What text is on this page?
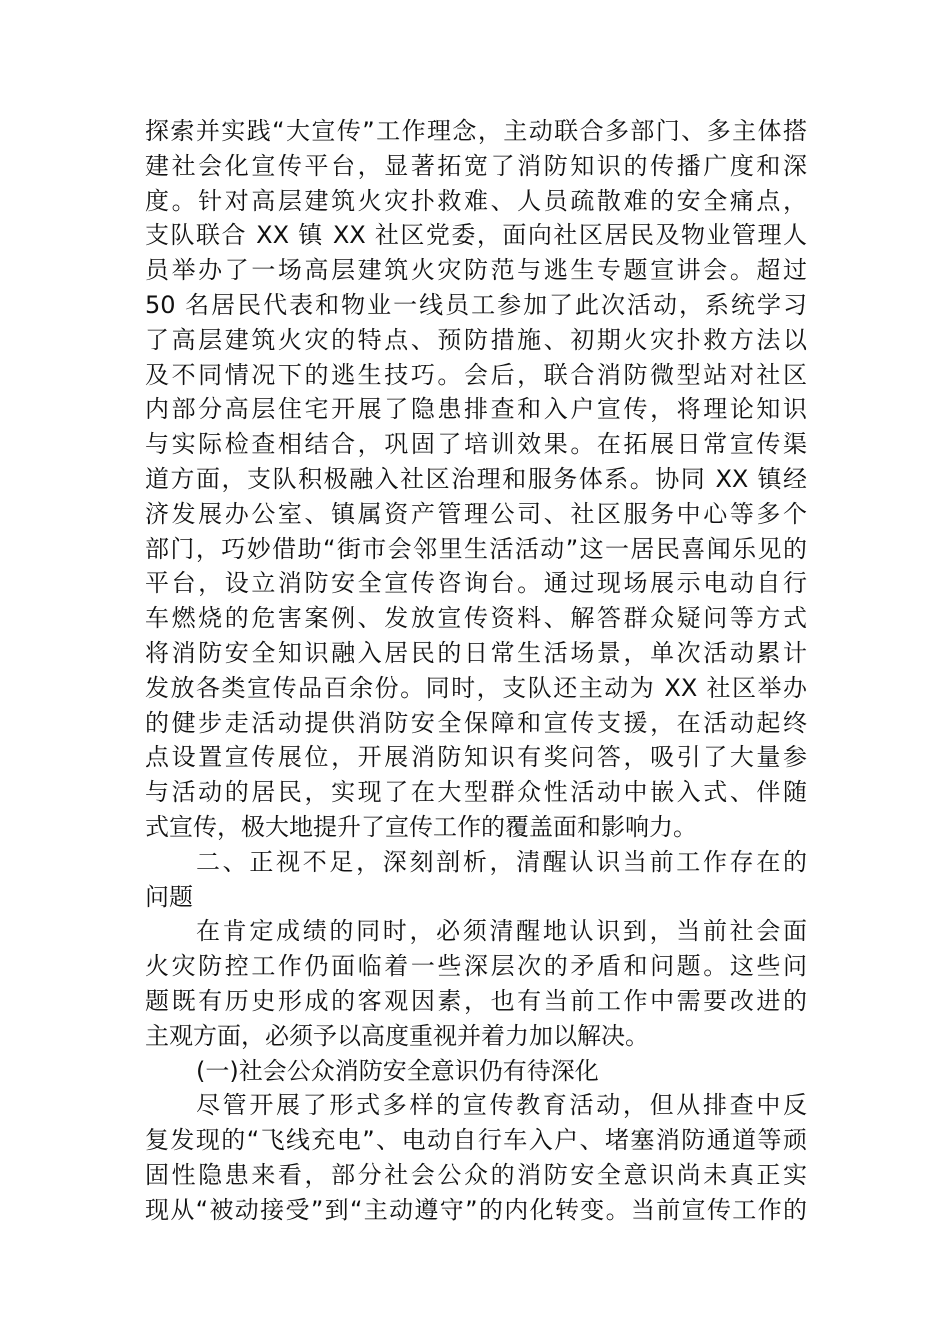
探索并实践“大宣传”工作理念，主动联合多部门、多主体搭
建社会化宣传平台，显著拓宽了消防知识的传播广度和深
度。针对高层建筑火灾扑救难、人员疏散难的安全痛点，
支队联合 XX 镇 XX 社区党委，面向社区居民及物业管理人
员举办了一场高层建筑火灾防范与逃生专题宣讲会。超过
50 名居民代表和物业一线员工参加了此次活动，系统学习
了高层建筑火灾的特点、预防措施、初期火灾扑救方法以
及不同情况下的逃生技巧。会后，联合消防微型站对社区
内部分高层住宅开展了隐患排查和入户宣传，将理论知识
与实际检查相结合，巩固了培训效果。在拓展日常宣传渠
道方面，支队积极融入社区治理和服务体系。协同 XX 镇经
济发展办公室、镇属资产管理公司、社区服务中心等多个
部门，巧妙借助“街市会邻里生活活动”这一居民喜闻乐见的
平台，设立消防安全宣传咨询台。通过现场展示电动自行
车燃烧的危害案例、发放宣传资料、解答群众疑问等方式
将消防安全知识融入居民的日常生活场景，单次活动累计
发放各类宣传品百余份。同时，支队还主动为 XX 社区举办
的健步走活动提供消防安全保障和宣传支援，在活动起终
点设置宣传展位，开展消防知识有奖问答，吸引了大量参
与活动的居民，实现了在大型群众性活动中嵌入式、伴随
式宣传，极大地提升了宣传工作的覆盖面和影响力。
二、正视不足，深刻剖析，清醒认识当前工作存在的
问题
在肯定成绩的同时，必须清醒地认识到，当前社会面
火灾防控工作仍面临着一些深层次的矛盾和问题。这些问
题既有历史形成的客观因素，也有当前工作中需要改进的
主观方面，必须予以高度重视并着力加以解决。
(一)社会公众消防安全意识仍有待深化
尽管开展了形式多样的宣传教育活动，但从排查中反
复发现的“飞线充电”、电动自行车入户、堵塞消防通道等顽
固性隐患来看，部分社会公众的消防安全意识尚未真正实
现从“被动接受”到“主动遵守”的内化转变。当前宣传工作的
